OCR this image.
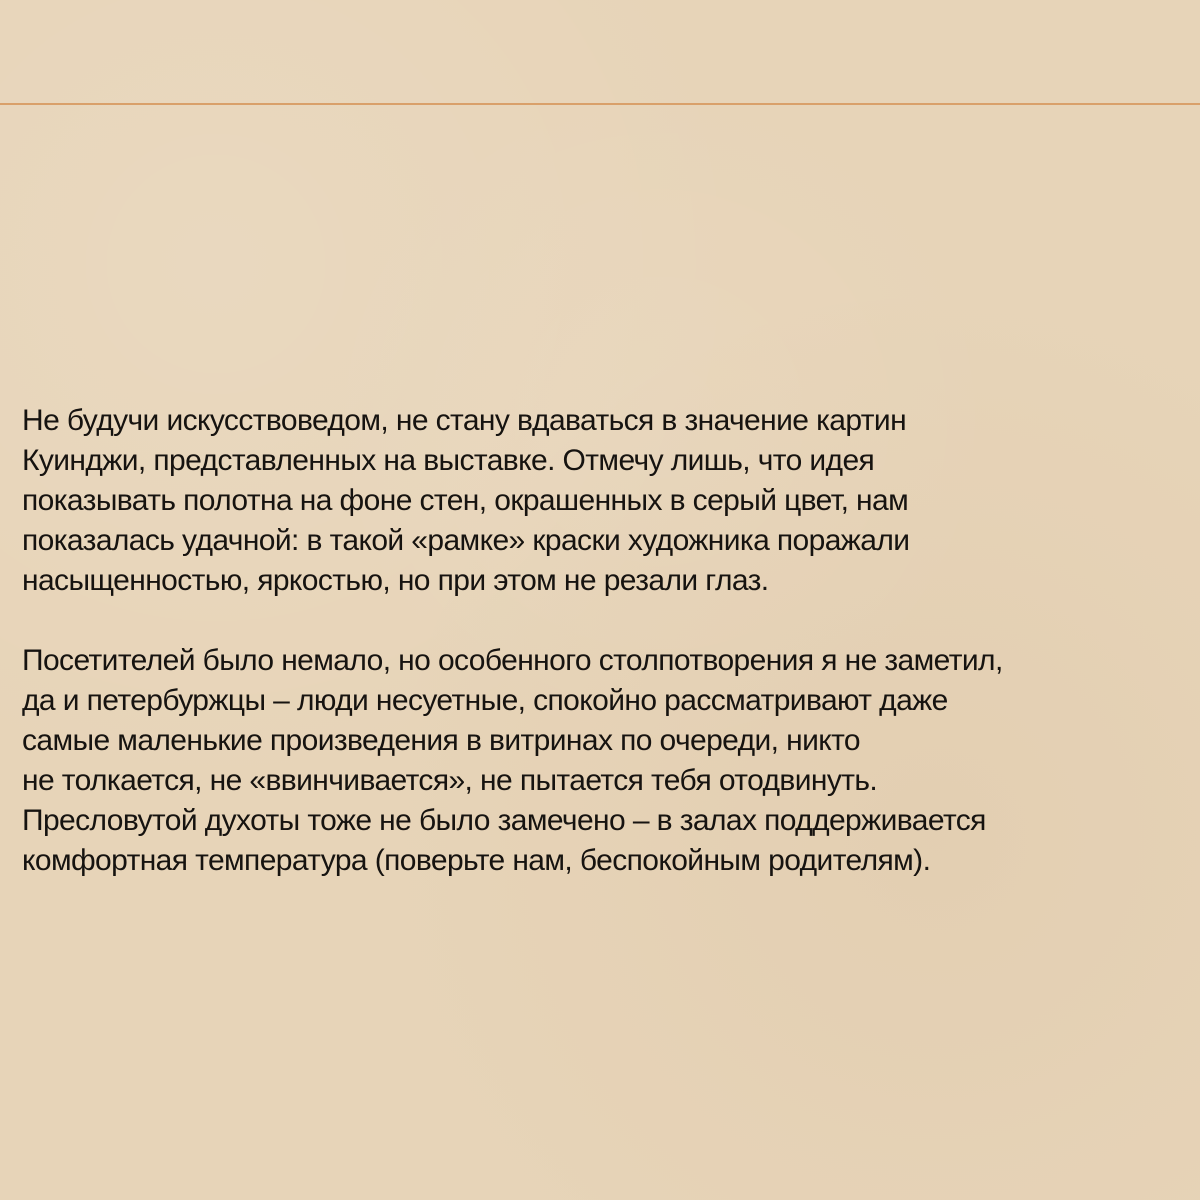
Не будучи искусствоведом, не стану вдаваться в значение картин
Куинджи, представленных на выставке. Отмечу лишь, что идея
показывать полотна на фоне стен, окрашенных в серый цвет, нам
показалась удачной: в такой «рамке» краски художника поражали
насыщенностью, яркостью, но при этом не резали глаз.

Посетителей было немало, но особенного столпотворения я не заметил,
да и петербуржцы – люди несуетные, спокойно рассматривают даже
самые маленькие произведения в витринах по очереди, никто
не толкается, не «ввинчивается», не пытается тебя отодвинуть.
Пресловутой духоты тоже не было замечено – в залах поддерживается
комфортная температура (поверьте нам, беспокойным родителям).
